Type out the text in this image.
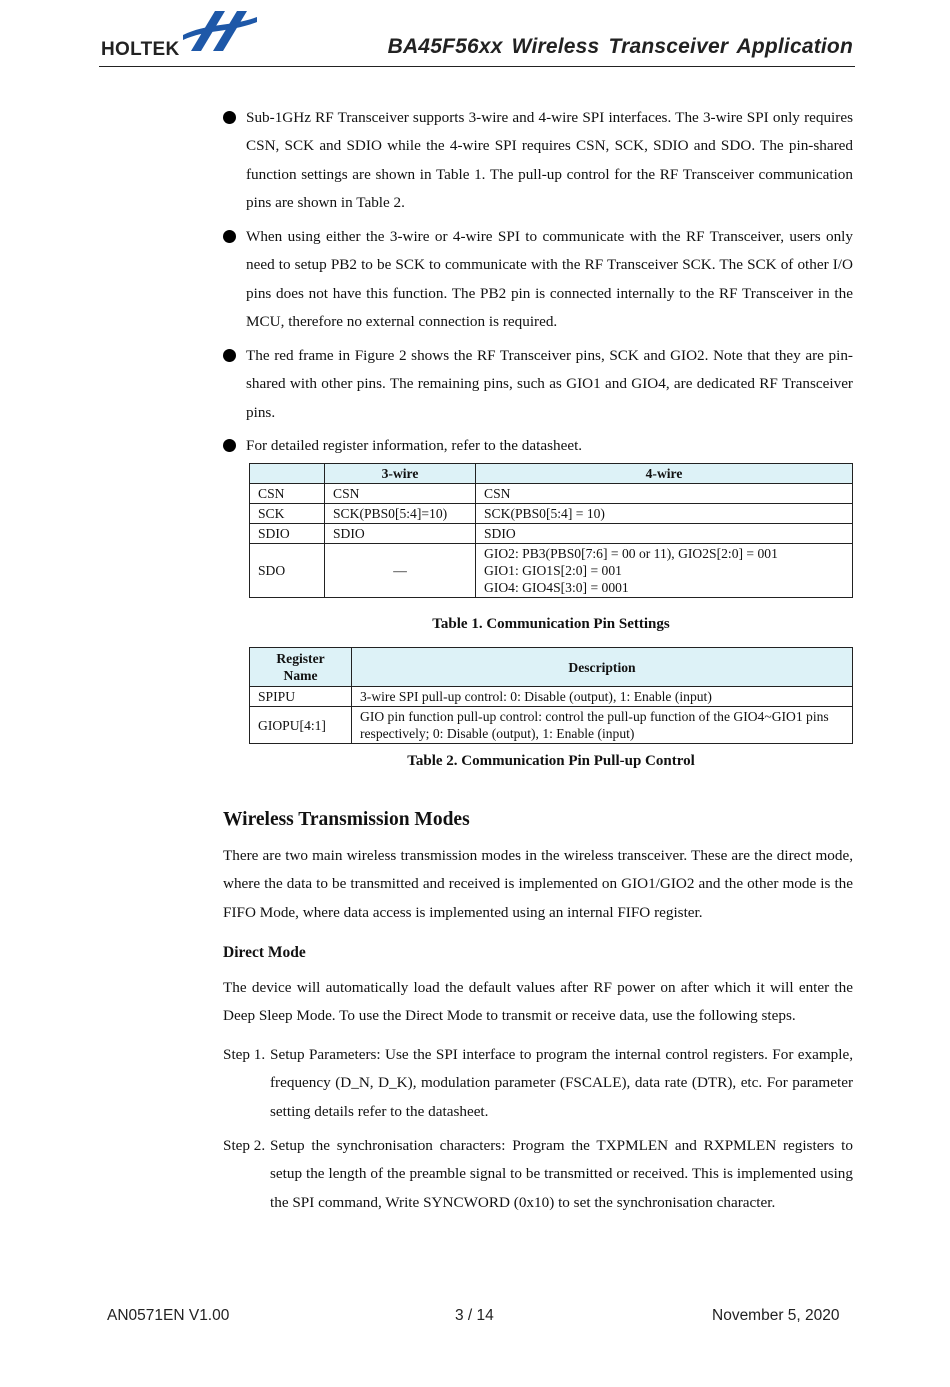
HOLTEK	BA45F56xx Wireless Transceiver Application
Sub-1GHz RF Transceiver supports 3-wire and 4-wire SPI interfaces. The 3-wire SPI only requires CSN, SCK and SDIO while the 4-wire SPI requires CSN, SCK, SDIO and SDO. The pin-shared function settings are shown in Table 1. The pull-up control for the RF Transceiver communication pins are shown in Table 2.
When using either the 3-wire or 4-wire SPI to communicate with the RF Transceiver, users only need to setup PB2 to be SCK to communicate with the RF Transceiver SCK. The SCK of other I/O pins does not have this function. The PB2 pin is connected internally to the RF Transceiver in the MCU, therefore no external connection is required.
The red frame in Figure 2 shows the RF Transceiver pins, SCK and GIO2. Note that they are pin-shared with other pins. The remaining pins, such as GIO1 and GIO4, are dedicated RF Transceiver pins.
For detailed register information, refer to the datasheet.
	3-wire	4-wire
CSN	CSN	CSN
SCK	SCK(PBS0[5:4]=10)	SCK(PBS0[5:4] = 10)
SDIO	SDIO	SDIO
SDO	—	GIO2: PB3(PBS0[7:6] = 00 or 11), GIO2S[2:0] = 001
GIO1: GIO1S[2:0] = 001
GIO4: GIO4S[3:0] = 0001
Table 1. Communication Pin Settings
Register Name	Description
SPIPU	3-wire SPI pull-up control: 0: Disable (output), 1: Enable (input)
GIOPU[4:1]	GIO pin function pull-up control: control the pull-up function of the GIO4~GIO1 pins respectively; 0: Disable (output), 1: Enable (input)
Table 2. Communication Pin Pull-up Control
Wireless Transmission Modes
There are two main wireless transmission modes in the wireless transceiver. These are the direct mode, where the data to be transmitted and received is implemented on GIO1/GIO2 and the other mode is the FIFO Mode, where data access is implemented using an internal FIFO register.
Direct Mode
The device will automatically load the default values after RF power on after which it will enter the Deep Sleep Mode. To use the Direct Mode to transmit or receive data, use the following steps.
Step 1. Setup Parameters: Use the SPI interface to program the internal control registers. For example, frequency (D_N, D_K), modulation parameter (FSCALE), data rate (DTR), etc. For parameter setting details refer to the datasheet.
Step 2. Setup the synchronisation characters: Program the TXPMLEN and RXPMLEN registers to setup the length of the preamble signal to be transmitted or received. This is implemented using the SPI command, Write SYNCWORD (0x10) to set the synchronisation character.
AN0571EN V1.00	3 / 14	November 5, 2020
